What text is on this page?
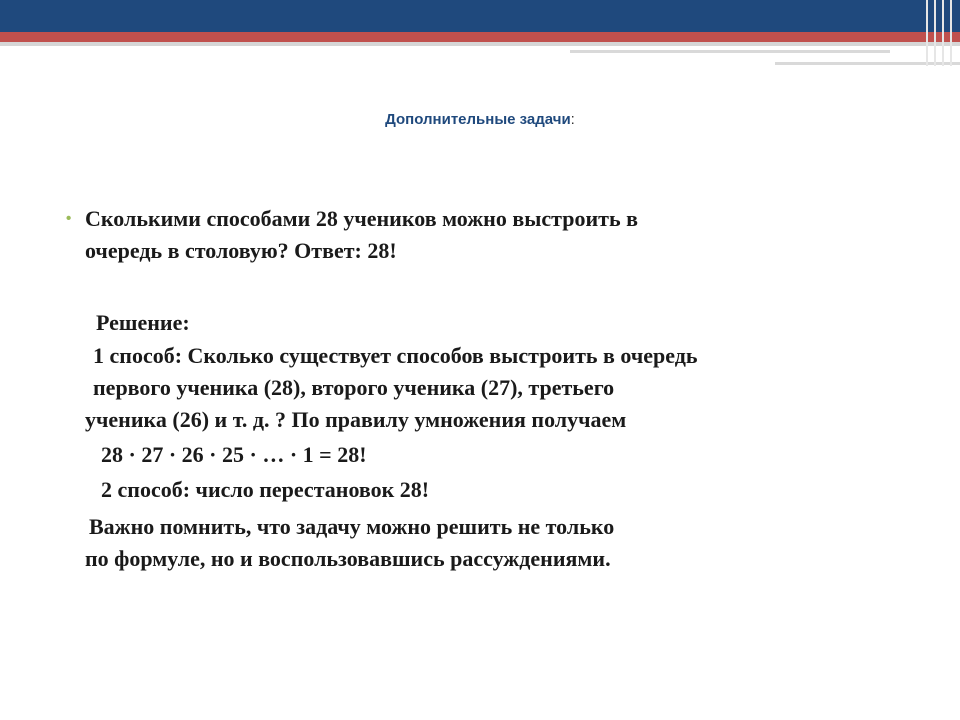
Дополнительные задачи:
• Сколькими способами 28 учеников можно выстроить в
очередь в столовую? Ответ: 28!
Решение:
1 способ: Сколько существует способов выстроить в очередь
первого ученика (28), второго ученика (27), третьего
ученика (26) и т. д. ? По правилу умножения получаем
28 · 27 · 26 · 25 · … · 1 = 28!
2 способ: число перестановок 28!
Важно помнить, что задачу можно решить не только
по формуле, но и воспользовавшись рассуждениями.
